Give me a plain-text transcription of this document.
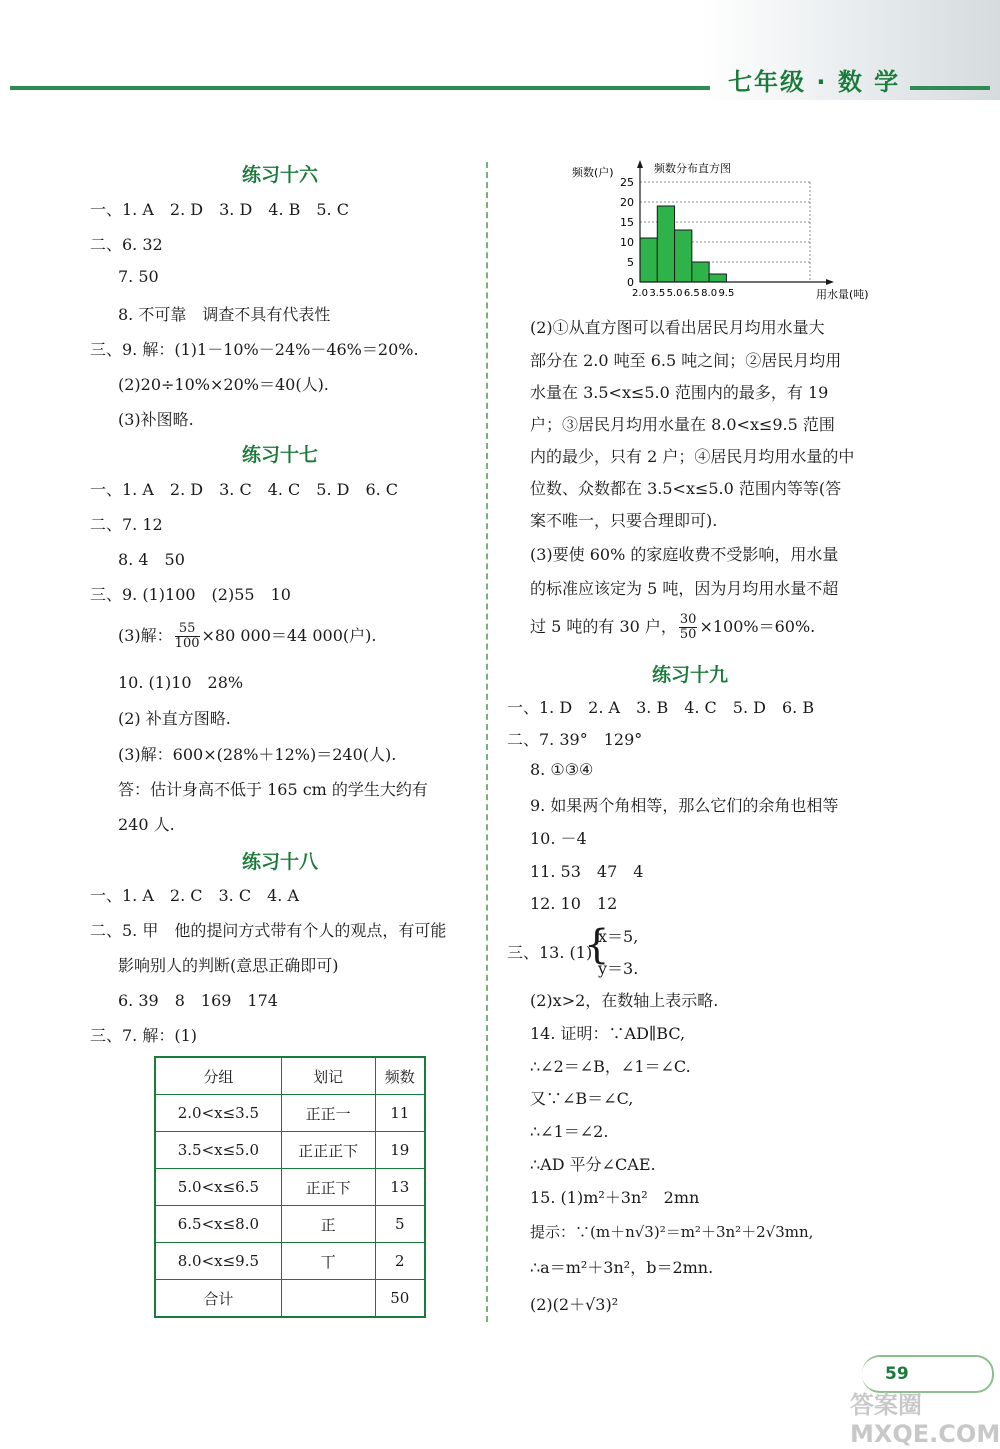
七年级 · 数 学
练习十六
一、1. A　2. D　3. D　4. B　5. C
二、6. 32
7. 50
8. 不可靠　调查不具有代表性
三、9. 解：(1)1－10%－24%－46%＝20%.
(2)20÷10%×20%＝40(人).
(3)补图略.
练习十七
一、1. A　2. D　3. C　4. C　5. D　6. C
二、7. 12
8. 4　50
三、9. (1)100　(2)55　10
(3)解： $\frac{55}{100} \times 80$ 000＝44 000(户).
10. (1)10　28%
(2) 补直方图略.
(3)解：600×(28%＋12%)＝240(人).
答：估计身高不低于 165 cm 的学生大约有
240 人.
练习十八
一、1. A　2. C　3. C　4. A
二、5. 甲　他的提问方式带有个人的观点，有可能
影响别人的判断(意思正确即可)
6. 39　8　169　174
三、7. 解：(1)
分组	划记	频数
2.0<x≤3.5	正正一	11
3.5<x≤5.0	正正正下	19
5.0<x≤6.5	正正下	13
6.5<x≤8.0	正	5
8.0<x≤9.5	丅	2
合计		50
0
5
10
15
20
25
2.0 3.5 5.0 6.5 8.0 9.5
频数(户)	频数分布直方图
用水量(吨)
(2)①从直方图可以看出居民月均用水量大
部分在 2.0 吨至 6.5 吨之间；②居民月均用
水量在 3.5<x≤5.0 范围内的最多，有 19
户；③居民月均用水量在 8.0<x≤9.5 范围
内的最少，只有 2 户；④居民月均用水量的中
位数、众数都在 3.5<x≤5.0 范围内等等(答
案不唯一，只要合理即可).
(3)要使 60% 的家庭收费不受影响，用水量
的标准应该定为 5 吨，因为月均用水量不超
过 5 吨的有 30 户， $\frac{30}{50} \times 100\%=60\%$.
练习十九
一、1. D　2. A　3. B　4. C　5. D　6. B
二、7. 39°　129°
8. ①③④
9. 如果两个角相等，那么它们的余角也相等
10. －4
11. 53　47　4
12. 10　12
三、13. (1)
{
x＝5,
y＝3.
(2)x>2，在数轴上表示略.
14. 证明：∵AD∥BC,
∴∠2＝∠B，∠1＝∠C.
又∵∠B＝∠C,
∴∠1＝∠2.
∴AD 平分∠CAE.
15. (1)m²＋3n²　2mn
提示：∵(m＋n√3)²＝m²＋3n²＋2√3mn,
∴a＝m²＋3n²，b＝2mn.
(2)(2＋√3)²
59
答案圈 MXQE.COM
